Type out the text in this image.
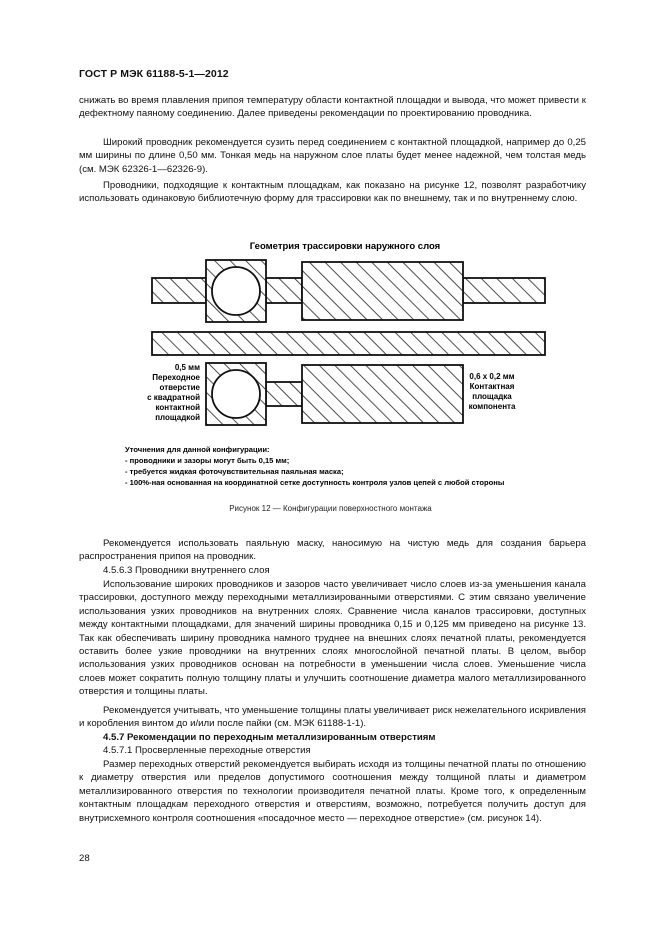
ГОСТ Р МЭК 61188-5-1—2012
снижать во время плавления припоя температуру области контактной площадки и вывода, что может привести к дефектному паяному соединению. Далее приведены рекомендации по проектированию проводника.
Широкий проводник рекомендуется сузить перед соединением с контактной площадкой, например до 0,25 мм ширины по длине 0,50 мм. Тонкая медь на наружном слое платы будет менее надежной, чем толстая медь (см. МЭК 62326-1—62326-9).
Проводники, подходящие к контактным площадкам, как показано на рисунке 12, позволят разработчику использовать одинаковую библиотечную форму для трассировки как по внешнему, так и по внутреннему слою.
Геометрия трассировки наружного слоя
0,5 мм
Переходное
отверстие
с квадратной
контактной
площадкой
0,6 x 0,2 мм
Контактная
площадка
компонента
Уточнения для данной конфигурации:
- проводники и зазоры могут быть 0,15 мм;
- требуется жидкая фоточувствительная паяльная маска;
- 100%-ная основанная на координатной сетке доступность контроля узлов цепей с любой стороны
Рисунок 12 — Конфигурации поверхностного монтажа
Рекомендуется использовать паяльную маску, наносимую на чистую медь для создания барьера распространения припоя на проводник.
4.5.6.3 Проводники внутреннего слоя
Использование широких проводников и зазоров часто увеличивает число слоев из-за уменьшения канала трассировки, доступного между переходными металлизированными отверстиями. С этим связано увеличение использования узких проводников на внутренних слоях. Сравнение числа каналов трассировки, доступных между контактными площадками, для значений ширины проводника 0,15 и 0,125 мм приведено на рисунке 13. Так как обеспечивать ширину проводника намного труднее на внешних слоях печатной платы, рекомендуется оставить более узкие проводники на внутренних слоях многослойной печатной платы. В целом, выбор использования узких проводников основан на потребности в уменьшении числа слоев. Уменьшение числа слоев может сократить полную толщину платы и улучшить соотношение диаметра малого металлизированного отверстия и толщины платы.
Рекомендуется учитывать, что уменьшение толщины платы увеличивает риск нежелательного искривления и коробления винтом до и/или после пайки (см. МЭК 61188-1-1).
4.5.7 Рекомендации по переходным металлизированным отверстиям
4.5.7.1 Просверленные переходные отверстия
Размер переходных отверстий рекомендуется выбирать исходя из толщины печатной платы по отношению к диаметру отверстия или пределов допустимого соотношения между толщиной платы и диаметром металлизированного отверстия по технологии производителя печатной платы. Кроме того, к определенным контактным площадкам переходного отверстия и отверстиям, возможно, потребуется получить доступ для внутрисхемного контроля соотношения «посадочное место — переходное отверстие» (см. рисунок 14).
28
